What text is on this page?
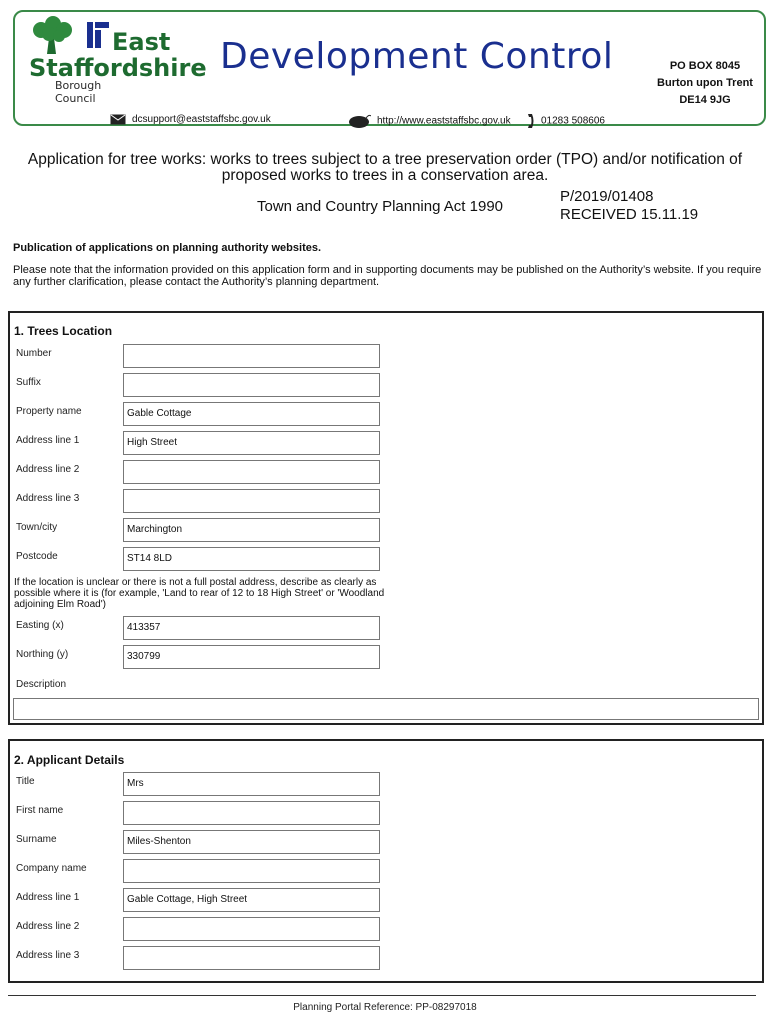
East
Staffordshire
Borough Council
Development Control	PO BOX 8045
Burton upon Trent
DE14 9JG
dcsupport@eaststaffsbc.gov.uk	http://www.eaststaffsbc.gov.uk	01283 508606
Application for tree works: works to trees subject to a tree preservation order (TPO) and/or notification of proposed works to trees in a conservation area.
Town and Country Planning Act 1990
P/2019/01408
RECEIVED 15.11.19
Publication of applications on planning authority websites.
Please note that the information provided on this application form and in supporting documents may be published on the Authority’s website. If you require any further clarification, please contact the Authority’s planning department.
1. Trees Location
Number
Suffix
Property name	Gable Cottage
Address line 1	High Street
Address line 2
Address line 3
Town/city	Marchington
Postcode	ST14 8LD
If the location is unclear or there is not a full postal address, describe as clearly as possible where it is (for example, 'Land to rear of 12 to 18 High Street' or 'Woodland adjoining Elm Road')
Easting (x)	413357
Northing (y)	330799
Description
2. Applicant Details
Title	Mrs
First name
Surname	Miles-Shenton
Company name
Address line 1	Gable Cottage, High Street
Address line 2
Address line 3
Planning Portal Reference: PP-08297018
